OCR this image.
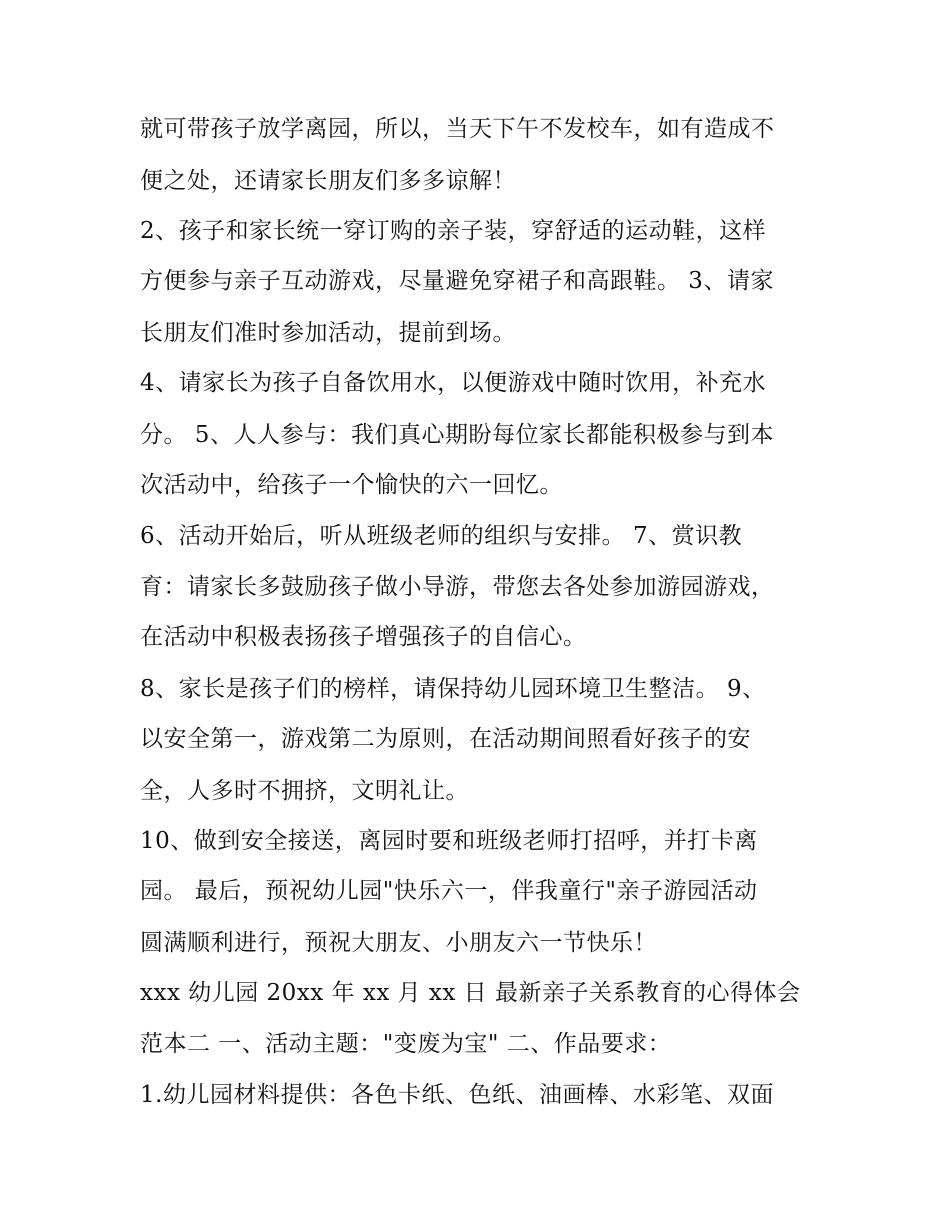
就可带孩子放学离园，所以，当天下午不发校车，如有造成不
便之处，还请家长朋友们多多谅解！
2、孩子和家长统一穿订购的亲子装，穿舒适的运动鞋，这样
方便参与亲子互动游戏，尽量避免穿裙子和高跟鞋。 3、请家
长朋友们准时参加活动，提前到场。
4、请家长为孩子自备饮用水，以便游戏中随时饮用，补充水
分。 5、人人参与：我们真心期盼每位家长都能积极参与到本
次活动中，给孩子一个愉快的六一回忆。
6、活动开始后，听从班级老师的组织与安排。 7、赏识教
育：请家长多鼓励孩子做小导游，带您去各处参加游园游戏，
在活动中积极表扬孩子增强孩子的自信心。
8、家长是孩子们的榜样，请保持幼儿园环境卫生整洁。 9、
以安全第一，游戏第二为原则，在活动期间照看好孩子的安
全，人多时不拥挤，文明礼让。
10、做到安全接送，离园时要和班级老师打招呼，并打卡离
园。 最后，预祝幼儿园"快乐六一，伴我童行"亲子游园活动
圆满顺利进行，预祝大朋友、小朋友六一节快乐！
xxx 幼儿园 20xx 年 xx 月 xx 日 最新亲子关系教育的心得体会
范本二 一、活动主题："变废为宝" 二、作品要求：
1.幼儿园材料提供：各色卡纸、色纸、油画棒、水彩笔、双面
